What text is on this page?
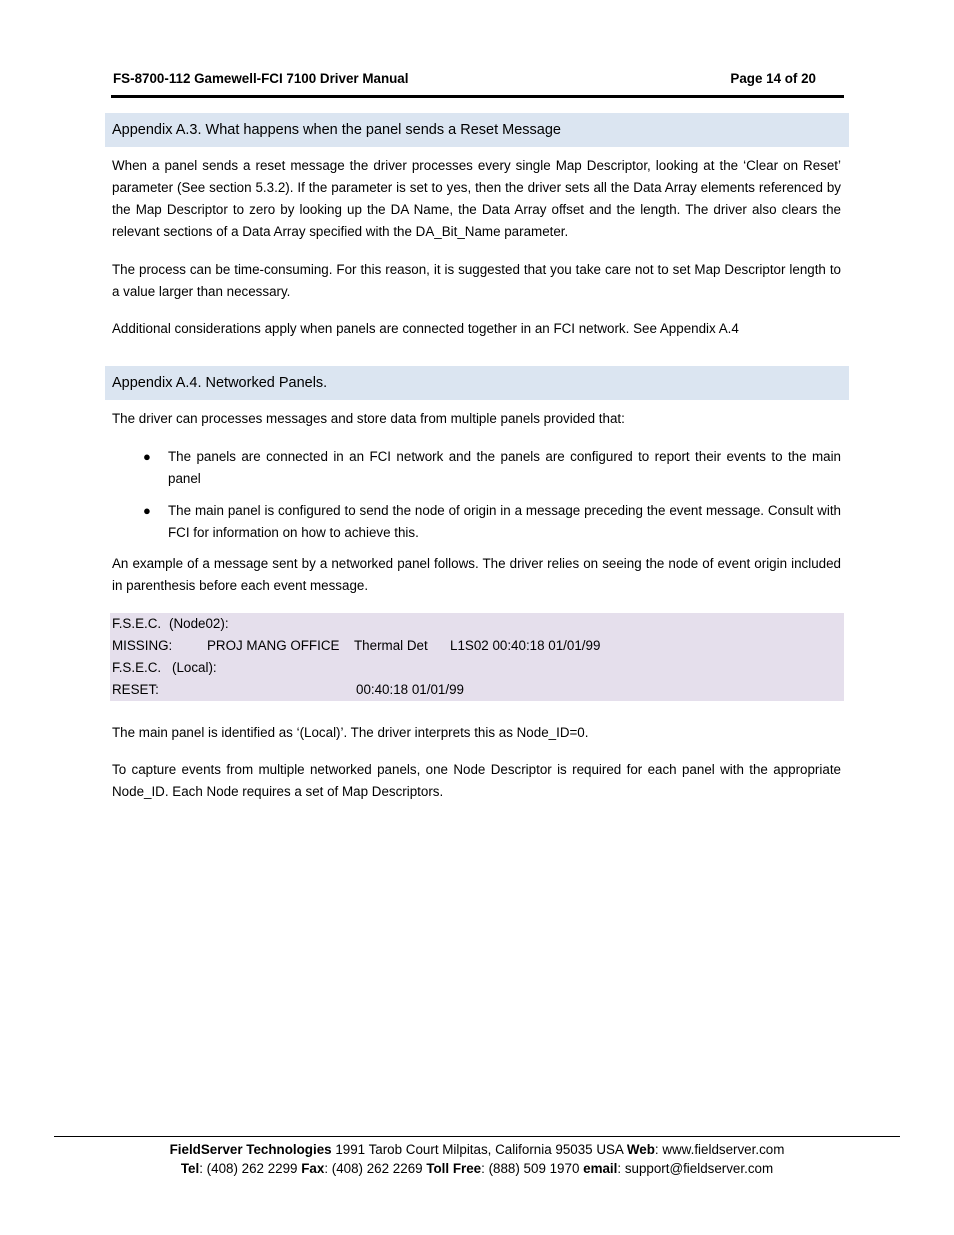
FS-8700-112 Gamewell-FCI 7100 Driver Manual	Page 14 of 20
Appendix A.3. What happens when the panel sends a Reset Message
When a panel sends a reset message the driver processes every single Map Descriptor, looking at the ‘Clear on Reset’ parameter (See section 5.3.2). If the parameter is set to yes, then the driver sets all the Data Array elements referenced by the Map Descriptor to zero by looking up the DA Name, the Data Array offset and the length. The driver also clears the relevant sections of a Data Array specified with the DA_Bit_Name parameter.
The process can be time-consuming. For this reason, it is suggested that you take care not to set Map Descriptor length to a value larger than necessary.
Additional considerations apply when panels are connected together in an FCI network. See Appendix A.4
Appendix A.4. Networked Panels.
The driver can processes messages and store data from multiple panels provided that:
● The panels are connected in an FCI network and the panels are configured to report their events to the main panel
● The main panel is configured to send the node of origin in a message preceding the event message. Consult with FCI for information on how to achieve this.
An example of a message sent by a networked panel follows. The driver relies on seeing the node of event origin included in parenthesis before each event message.
F.S.E.C. (Node02):
MISSING:	PROJ MANG OFFICE Thermal Det L1S02 00:40:18 01/01/99
F.S.E.C. (Local):
RESET:	00:40:18 01/01/99
The main panel is identified as ‘(Local)’. The driver interprets this as Node_ID=0.
To capture events from multiple networked panels, one Node Descriptor is required for each panel with the appropriate Node_ID. Each Node requires a set of Map Descriptors.
FieldServer Technologies 1991 Tarob Court Milpitas, California 95035 USA Web: www.fieldserver.com
Tel: (408) 262 2299 Fax: (408) 262 2269 Toll Free: (888) 509 1970 email: support@fieldserver.com
